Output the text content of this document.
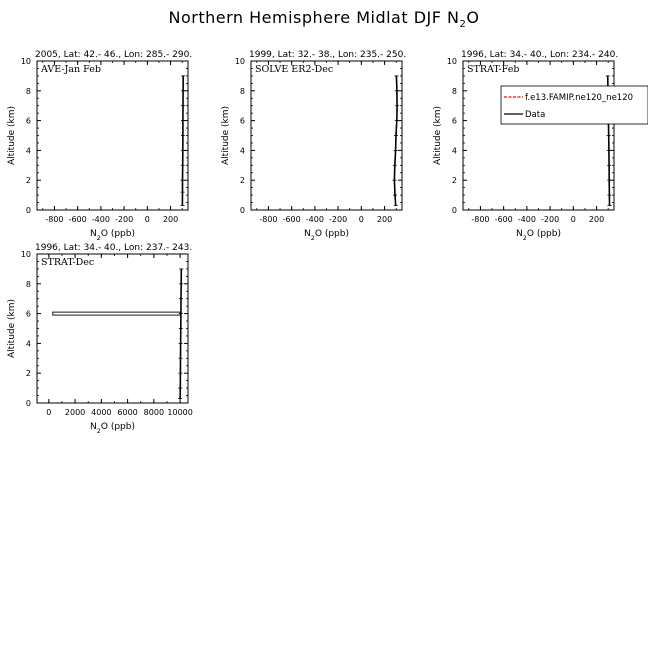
Northern Hemisphere Midlat DJF $N_2O$
2005, Lat: 42.- 46., Lon: 285.- 290.
AVE-Jan Feb
0
2
4
6
8
10
-800 -600 -400 -200 0 200
$N_2O$ (ppb)
Altitude (km)
1999, Lat: 32.- 38., Lon: 235.- 250.
SOLVE ER2-Dec
0
2
4
6
8
10
-800 -600 -400 -200 0 200
$N_2O$ (ppb)
Altitude (km)
1996, Lat: 34.- 40., Lon: 234.- 240.
STRAT-Feb
0
2
4
6
8
10
-800 -600 -400 -200 0 200
$N_2O$ (ppb)
Altitude (km)
f.e13.FAMIP.ne120_ne120
Data
1996, Lat: 34.- 40., Lon: 237.- 243.
STRAT-Dec
0
2
4
6
8
10
0 2000 4000 6000 8000 10000
$N_2O$ (ppb)
Altitude (km)
